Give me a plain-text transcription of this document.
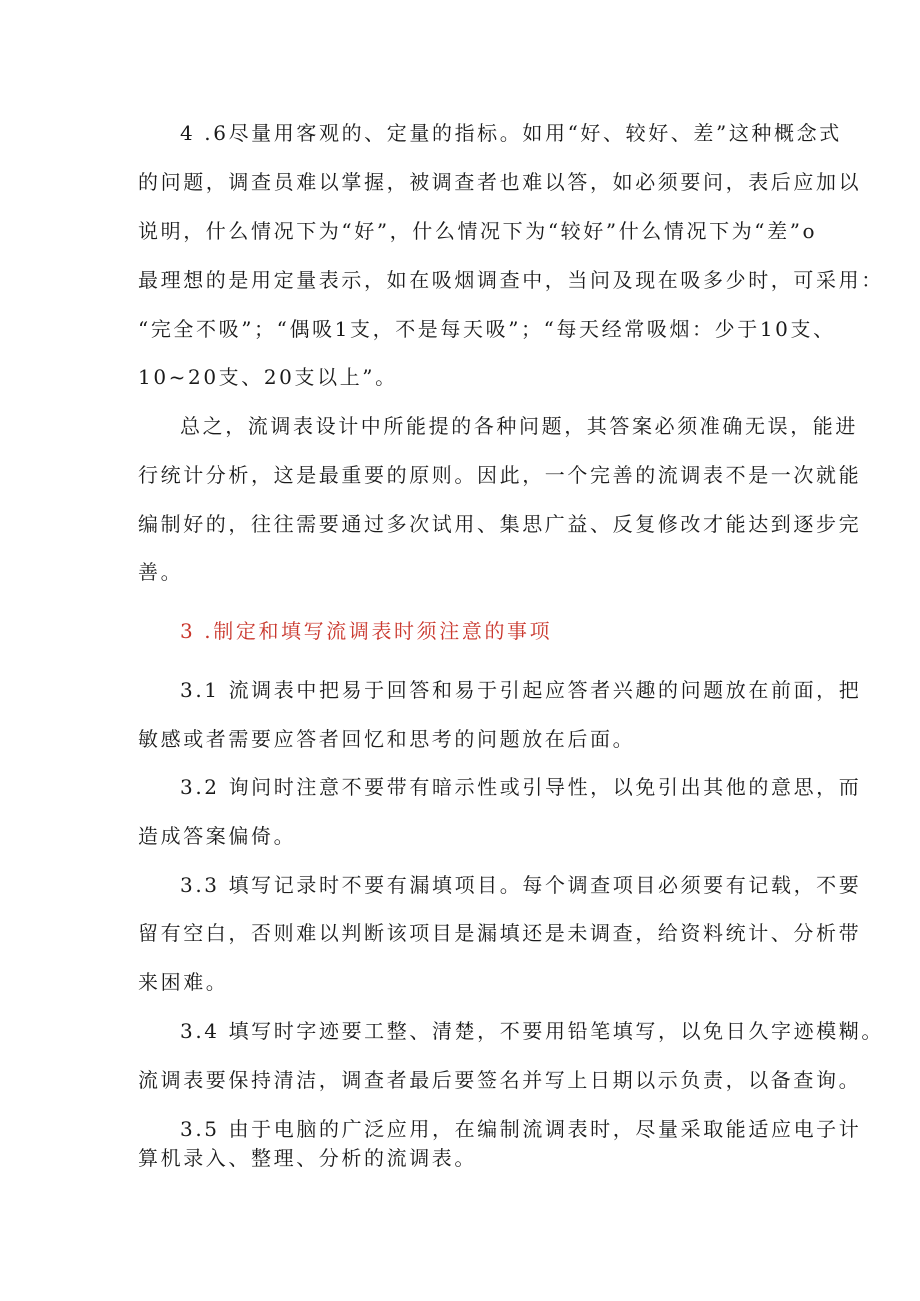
4 .6尽量用客观的、定量的指标。如用“好、较好、差”这种概念式
的问题，调查员难以掌握，被调查者也难以答，如必须要问，表后应加以
说明，什么情况下为“好”，什么情况下为“较好”什么情况下为“差”o
最理想的是用定量表示，如在吸烟调查中，当问及现在吸多少时，可采用：
“完全不吸”；“偶吸1支，不是每天吸”；“每天经常吸烟：少于10支、
10~20支、20支以上”。
总之，流调表设计中所能提的各种问题，其答案必须准确无误，能进
行统计分析，这是最重要的原则。因此，一个完善的流调表不是一次就能
编制好的，往往需要通过多次试用、集思广益、反复修改才能达到逐步完
善。
3 .制定和填写流调表时须注意的事项
3.1 流调表中把易于回答和易于引起应答者兴趣的问题放在前面，把
敏感或者需要应答者回忆和思考的问题放在后面。
3.2 询问时注意不要带有暗示性或引导性，以免引出其他的意思，而
造成答案偏倚。
3.3 填写记录时不要有漏填项目。每个调查项目必须要有记载，不要
留有空白，否则难以判断该项目是漏填还是未调查，给资料统计、分析带
来困难。
3.4 填写时字迹要工整、清楚，不要用铅笔填写，以免日久字迹模糊。
流调表要保持清洁，调查者最后要签名并写上日期以示负责，以备查询。
3.5 由于电脑的广泛应用，在编制流调表时，尽量采取能适应电子计
算机录入、整理、分析的流调表。
